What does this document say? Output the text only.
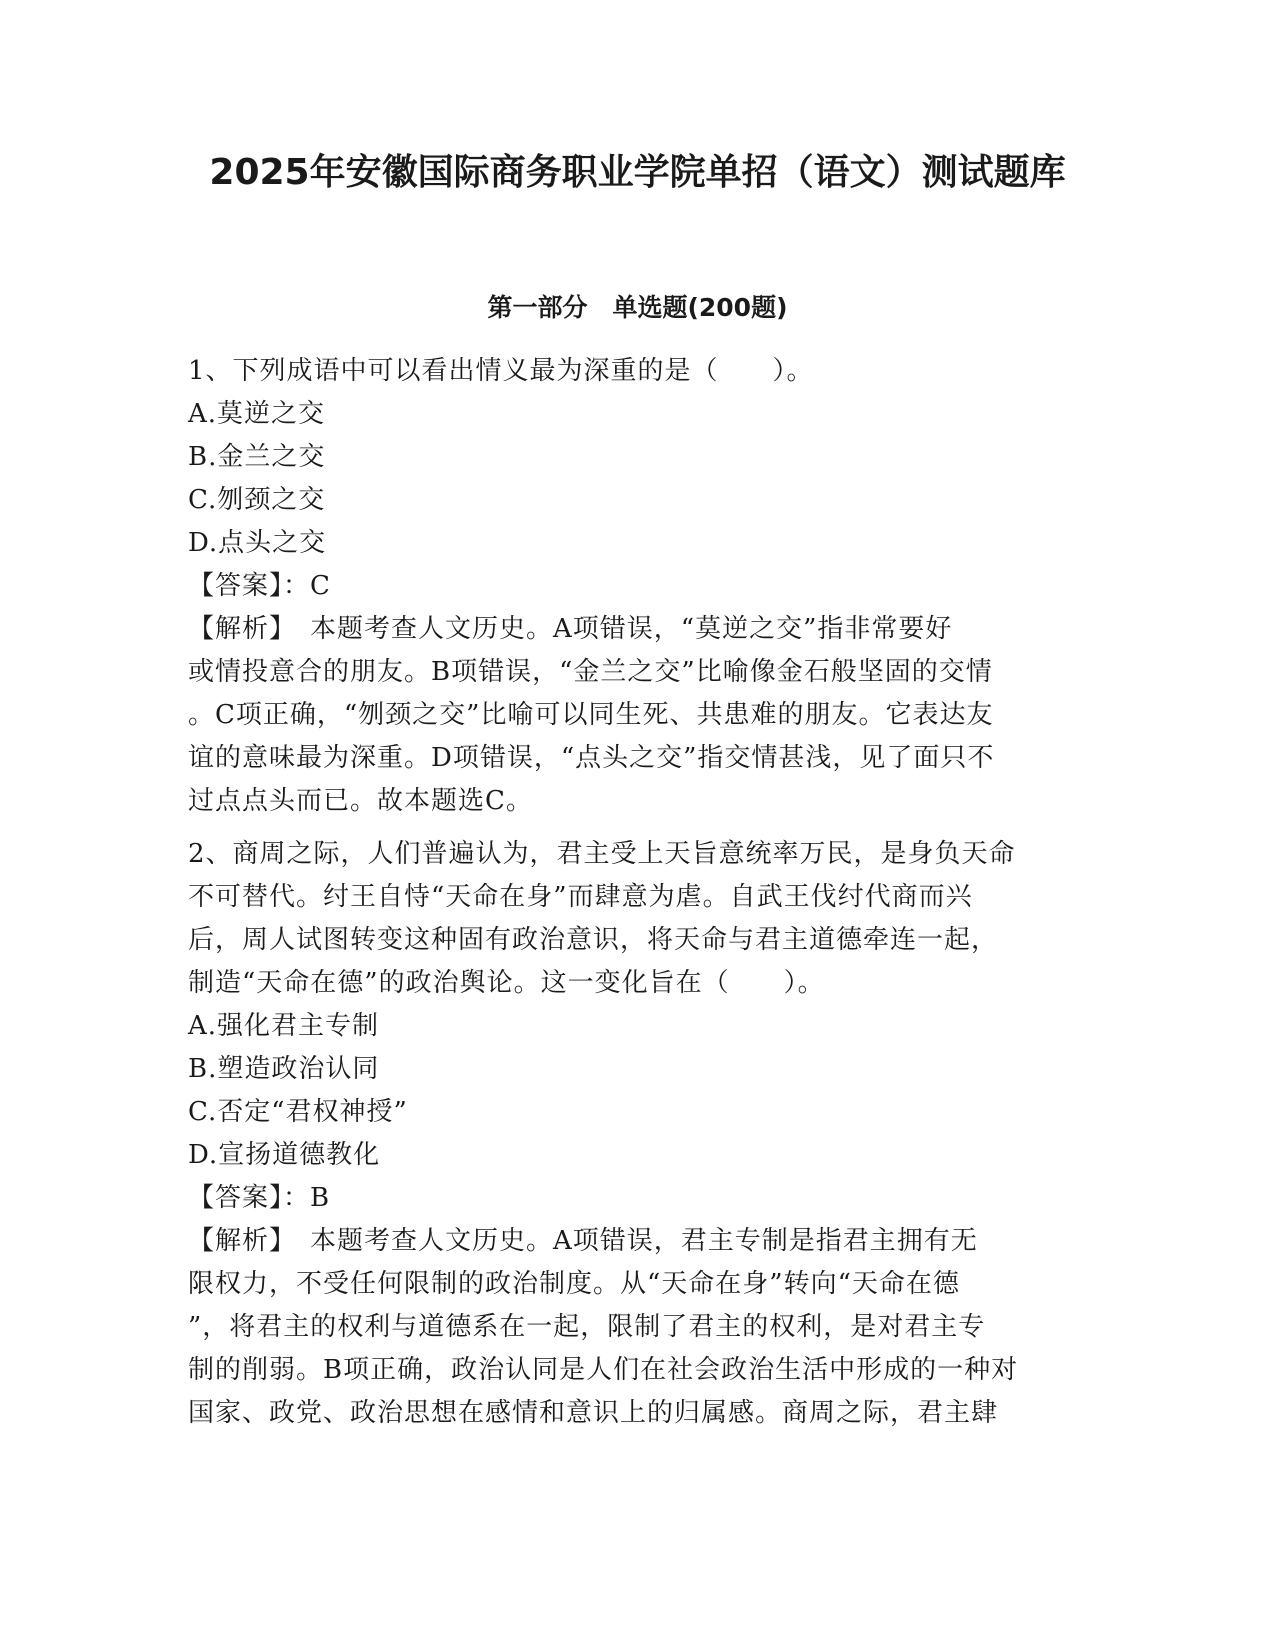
2025年安徽国际商务职业学院单招（语文）测试题库
第一部分　单选题(200题)
1、下列成语中可以看出情义最为深重的是（　　）。
A.莫逆之交
B.金兰之交
C.刎颈之交
D.点头之交
【答案】：C
【解析】　本题考查人文历史。A项错误，“莫逆之交”指非常要好
或情投意合的朋友。B项错误，“金兰之交”比喻像金石般坚固的交情
。C项正确，“刎颈之交”比喻可以同生死、共患难的朋友。它表达友
谊的意味最为深重。D项错误，“点头之交”指交情甚浅，见了面只不
过点点头而已。故本题选C。
2、商周之际，人们普遍认为，君主受上天旨意统率万民，是身负天命
不可替代。纣王自恃“天命在身”而肆意为虐。自武王伐纣代商而兴
后，周人试图转变这种固有政治意识，将天命与君主道德牵连一起，
制造“天命在德”的政治舆论。这一变化旨在（　　）。
A.强化君主专制
B.塑造政治认同
C.否定“君权神授”
D.宣扬道德教化
【答案】：B
【解析】　本题考查人文历史。A项错误，君主专制是指君主拥有无
限权力，不受任何限制的政治制度。从“天命在身”转向“天命在德
”，将君主的权利与道德系在一起，限制了君主的权利，是对君主专
制的削弱。B项正确，政治认同是人们在社会政治生活中形成的一种对
国家、政党、政治思想在感情和意识上的归属感。商周之际，君主肆
